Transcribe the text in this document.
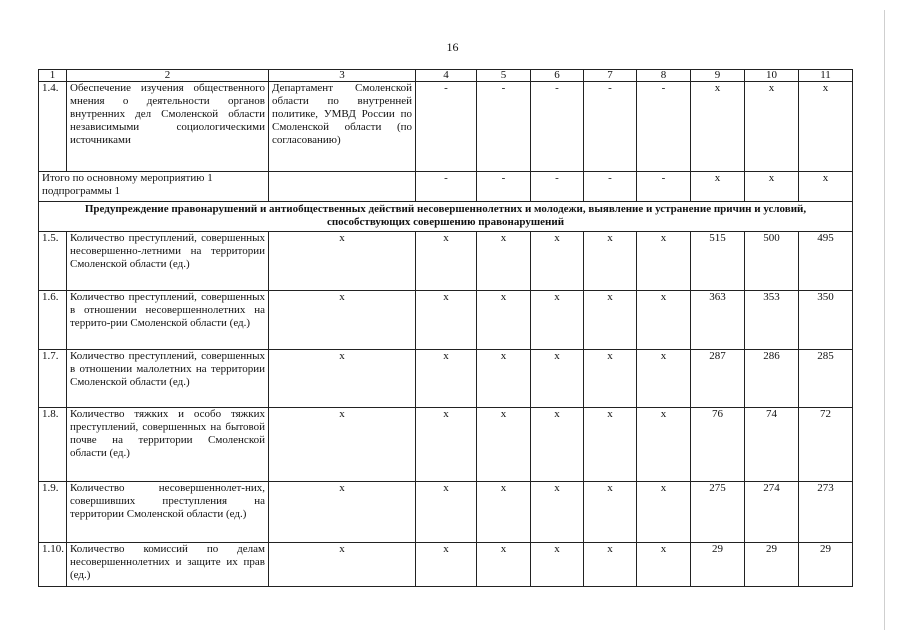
16
1	2	3	4	5	6	7	8	9	10	11
1.4.	Обеспечение изучения общественного мнения о деятельности органов внутренних дел Смоленской области независимыми социологическими источниками	Департамент Смоленской области по внутренней политике, УМВД России по Смоленской области (по согласованию)	-	-	-	-	-	x	x	x
Итого по основному мероприятию 1 подпрограммы 1			-	-	-	-	-	x	x	x
Предупреждение правонарушений и антиобщественных действий несовершеннолетних и молодежи, выявление и устранение причин и условий, способствующих совершению правонарушений										
1.5.	Количество преступлений, совершенных несовершенно-летними на территории Смоленской области (ед.)	x	x	x	x	x	x	515	500	495
1.6.	Количество преступлений, совершенных в отношении несовершеннолетних на террито-рии Смоленской области (ед.)	x	x	x	x	x	x	363	353	350
1.7.	Количество преступлений, совершенных в отношении малолетних на территории Смоленской области (ед.)	x	x	x	x	x	x	287	286	285
1.8.	Количество тяжких и особо тяжких преступлений, совершенных на бытовой почве на территории Смоленской области (ед.)	x	x	x	x	x	x	76	74	72
1.9.	Количество несовершеннолет-них, совершивших преступления на территории Смоленской области (ед.)	x	x	x	x	x	x	275	274	273
1.10.	Количество комиссий по делам несовершеннолетних и защите их прав (ед.)	x	x	x	x	x	x	29	29	29
